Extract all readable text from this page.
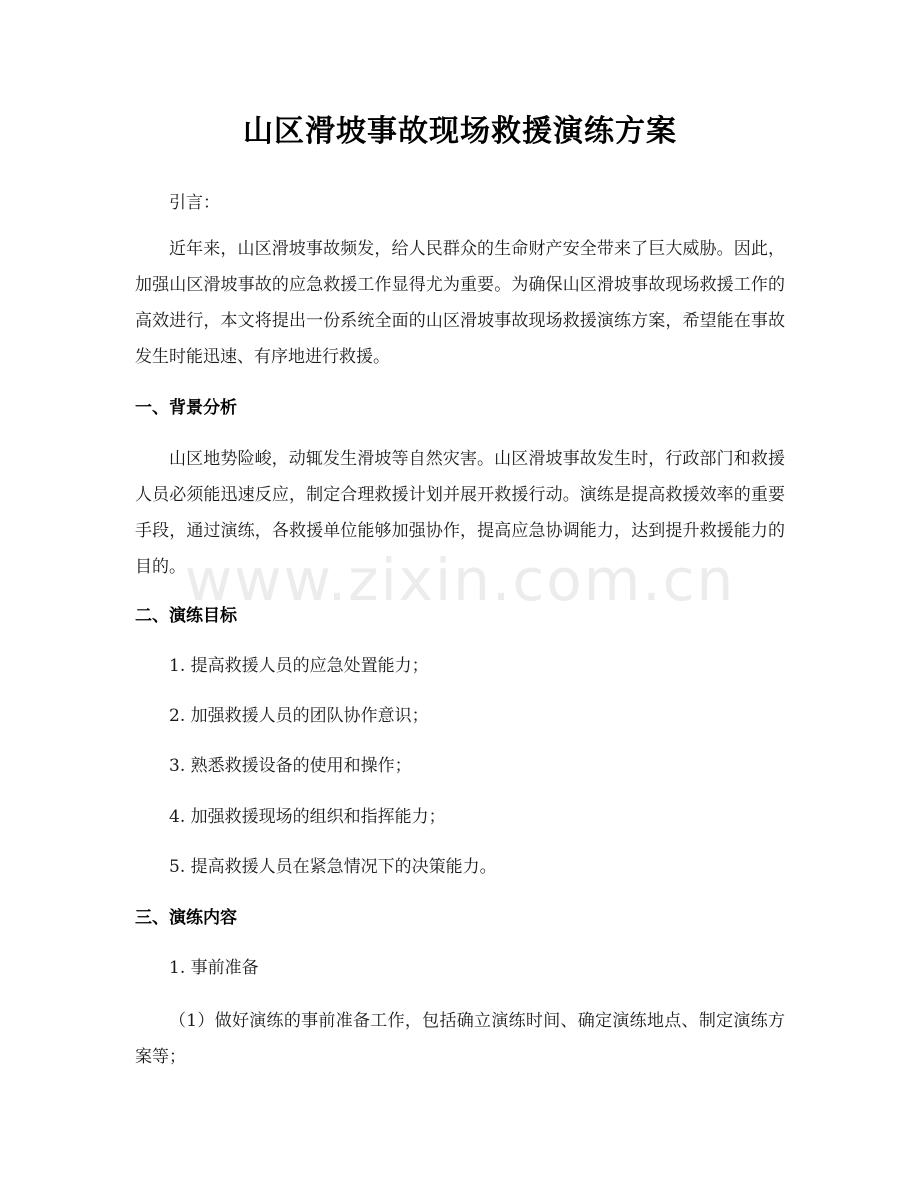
山区滑坡事故现场救援演练方案

引言：

近年来，山区滑坡事故频发，给人民群众的生命财产安全带来了巨大威胁。因此，加强山区滑坡事故的应急救援工作显得尤为重要。为确保山区滑坡事故现场救援工作的高效进行，本文将提出一份系统全面的山区滑坡事故现场救援演练方案，希望能在事故发生时能迅速、有序地进行救援。

一、背景分析

山区地势险峻，动辄发生滑坡等自然灾害。山区滑坡事故发生时，行政部门和救援人员必须能迅速反应，制定合理救援计划并展开救援行动。演练是提高救援效率的重要手段，通过演练，各救援单位能够加强协作，提高应急协调能力，达到提升救援能力的目的。

二、演练目标

1. 提高救援人员的应急处置能力；

2. 加强救援人员的团队协作意识；

3. 熟悉救援设备的使用和操作；

4. 加强救援现场的组织和指挥能力；

5. 提高救援人员在紧急情况下的决策能力。

三、演练内容

1. 事前准备

（1）做好演练的事前准备工作，包括确立演练时间、确定演练地点、制定演练方案等；

www.zixin.com.cn
